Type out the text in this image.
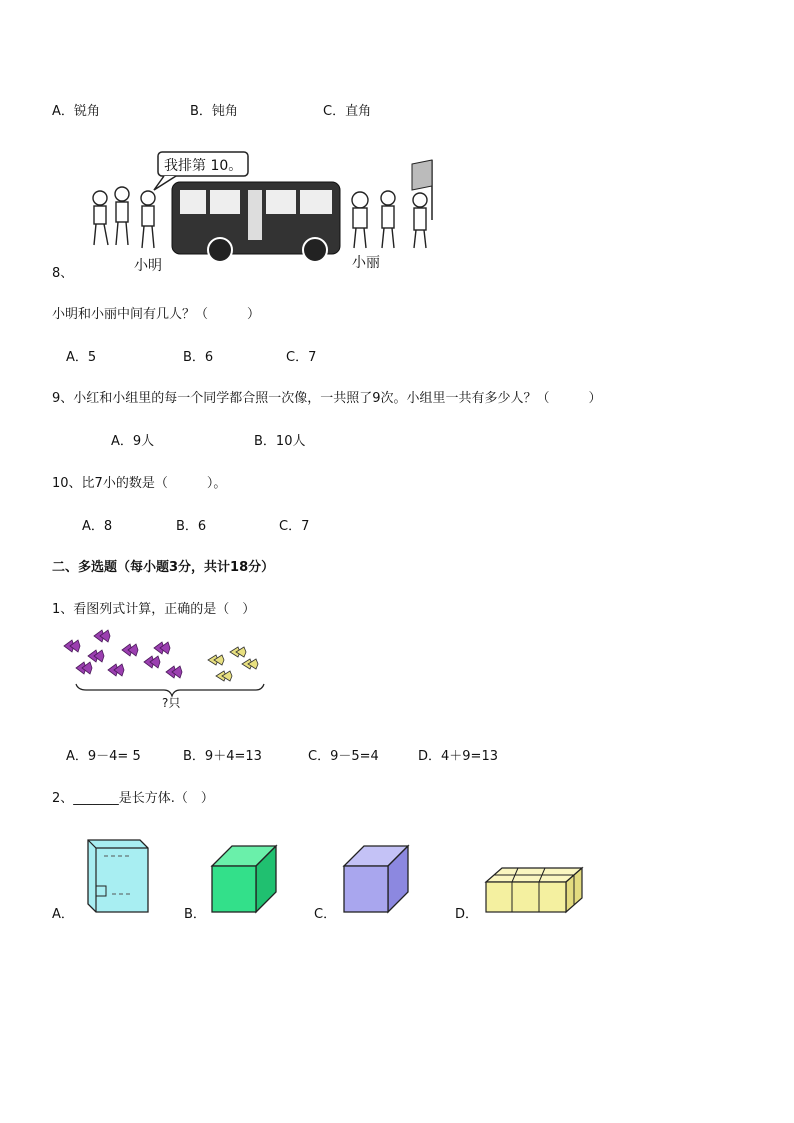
A．锐角	B．钝角	C．直角
我排第 10。
小明	小丽
8、
小明和小丽中间有几人？（　　　）
A．5	B．6	C．7
9、小红和小组里的每一个同学都合照一次像，一共照了9次。小组里一共有多少人？（　　　）
A．9人	B．10人
10、比7小的数是（　　　）。
A．8	B．6	C．7
二、多选题（每小题3分，共计18分）
1、看图列式计算，正确的是（　）
?只
A．9－4= 5	B．9＋4=13	C．9－5=4	D．4＋9=13
2、_______是长方体.（　）
A．	B．	C．	D．
